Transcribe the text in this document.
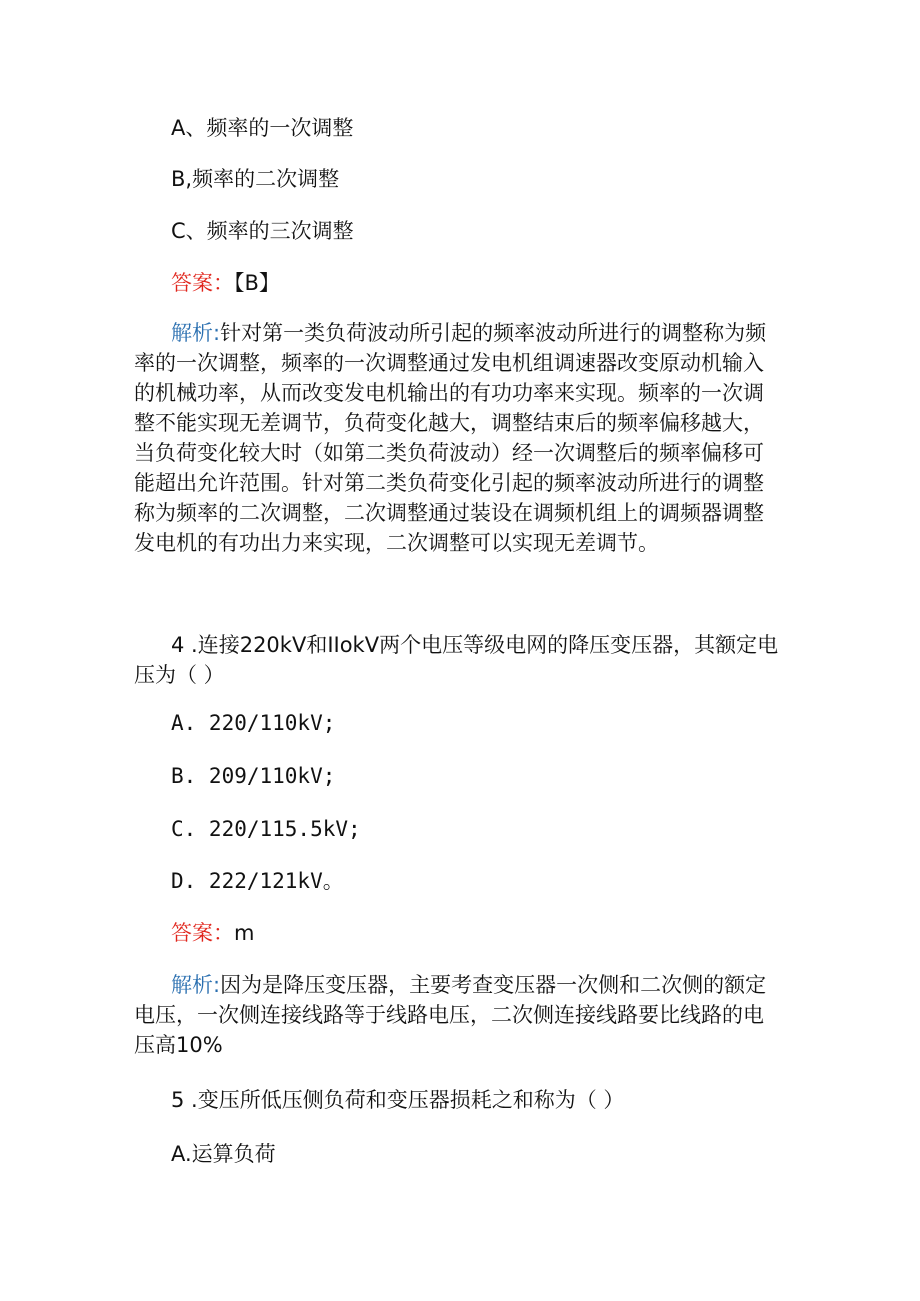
A、频率的一次调整
B,频率的二次调整
C、频率的三次调整
答案：【B】
解析:针对第一类负荷波动所引起的频率波动所进行的调整称为频
率的一次调整，频率的一次调整通过发电机组调速器改变原动机输入
的机械功率，从而改变发电机输出的有功功率来实现。频率的一次调
整不能实现无差调节，负荷变化越大，调整结束后的频率偏移越大，
当负荷变化较大时（如第二类负荷波动）经一次调整后的频率偏移可
能超出允许范围。针对第二类负荷变化引起的频率波动所进行的调整
称为频率的二次调整，二次调整通过装设在调频机组上的调频器调整
发电机的有功出力来实现，二次调整可以实现无差调节。
4 .连接220kV和IIokV两个电压等级电网的降压变压器，其额定电
压为（ ）
A. 220/110kV;
B. 209/110kV;
C. 220/115.5kV;
D. 222/121kV。
答案：m
解析:因为是降压变压器，主要考查变压器一次侧和二次侧的额定
电压，一次侧连接线路等于线路电压，二次侧连接线路要比线路的电
压高10%
5 .变压所低压侧负荷和变压器损耗之和称为（ ）
A.运算负荷
